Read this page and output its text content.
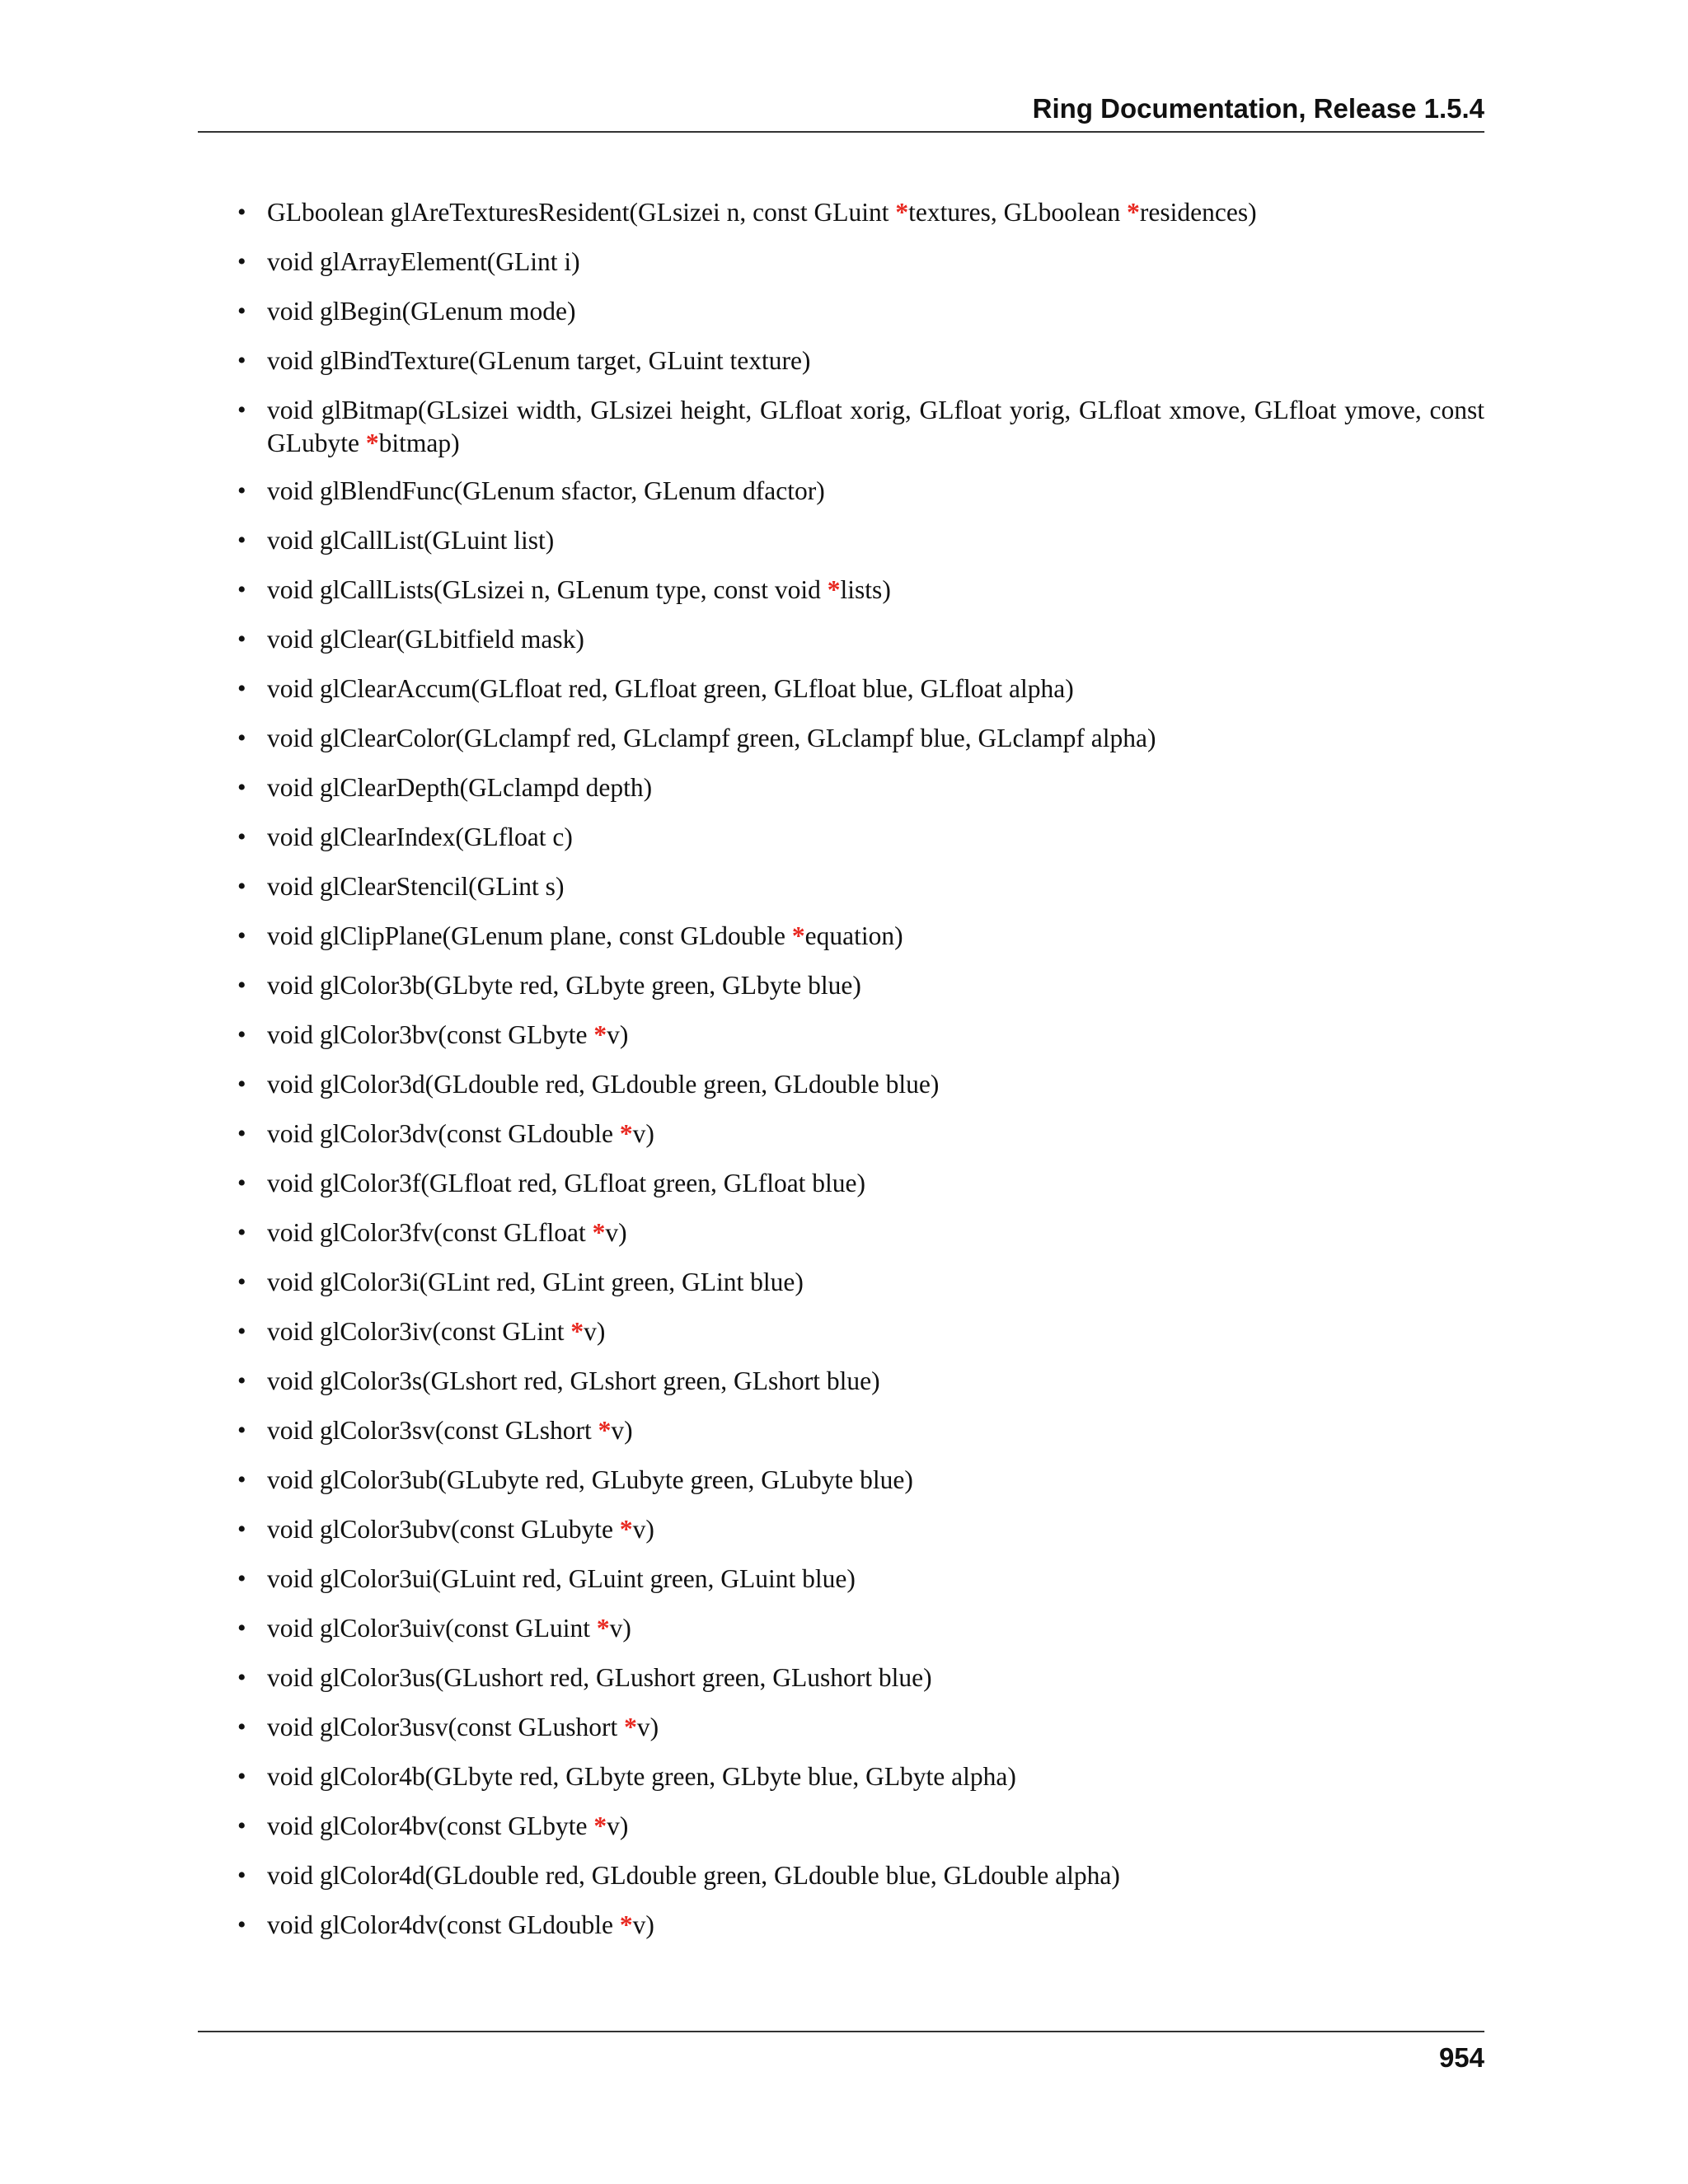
Ring Documentation, Release 1.5.4
• GLboolean glAreTexturesResident(GLsizei n, const GLuint *textures, GLboolean *residences)
• void glArrayElement(GLint i)
• void glBegin(GLenum mode)
• void glBindTexture(GLenum target, GLuint texture)
• void glBitmap(GLsizei width, GLsizei height, GLfloat xorig, GLfloat yorig, GLfloat xmove, GLfloat ymove, const GLubyte *bitmap)
• void glBlendFunc(GLenum sfactor, GLenum dfactor)
• void glCallList(GLuint list)
• void glCallLists(GLsizei n, GLenum type, const void *lists)
• void glClear(GLbitfield mask)
• void glClearAccum(GLfloat red, GLfloat green, GLfloat blue, GLfloat alpha)
• void glClearColor(GLclampf red, GLclampf green, GLclampf blue, GLclampf alpha)
• void glClearDepth(GLclampd depth)
• void glClearIndex(GLfloat c)
• void glClearStencil(GLint s)
• void glClipPlane(GLenum plane, const GLdouble *equation)
• void glColor3b(GLbyte red, GLbyte green, GLbyte blue)
• void glColor3bv(const GLbyte *v)
• void glColor3d(GLdouble red, GLdouble green, GLdouble blue)
• void glColor3dv(const GLdouble *v)
• void glColor3f(GLfloat red, GLfloat green, GLfloat blue)
• void glColor3fv(const GLfloat *v)
• void glColor3i(GLint red, GLint green, GLint blue)
• void glColor3iv(const GLint *v)
• void glColor3s(GLshort red, GLshort green, GLshort blue)
• void glColor3sv(const GLshort *v)
• void glColor3ub(GLubyte red, GLubyte green, GLubyte blue)
• void glColor3ubv(const GLubyte *v)
• void glColor3ui(GLuint red, GLuint green, GLuint blue)
• void glColor3uiv(const GLuint *v)
• void glColor3us(GLushort red, GLushort green, GLushort blue)
• void glColor3usv(const GLushort *v)
• void glColor4b(GLbyte red, GLbyte green, GLbyte blue, GLbyte alpha)
• void glColor4bv(const GLbyte *v)
• void glColor4d(GLdouble red, GLdouble green, GLdouble blue, GLdouble alpha)
• void glColor4dv(const GLdouble *v)
954
